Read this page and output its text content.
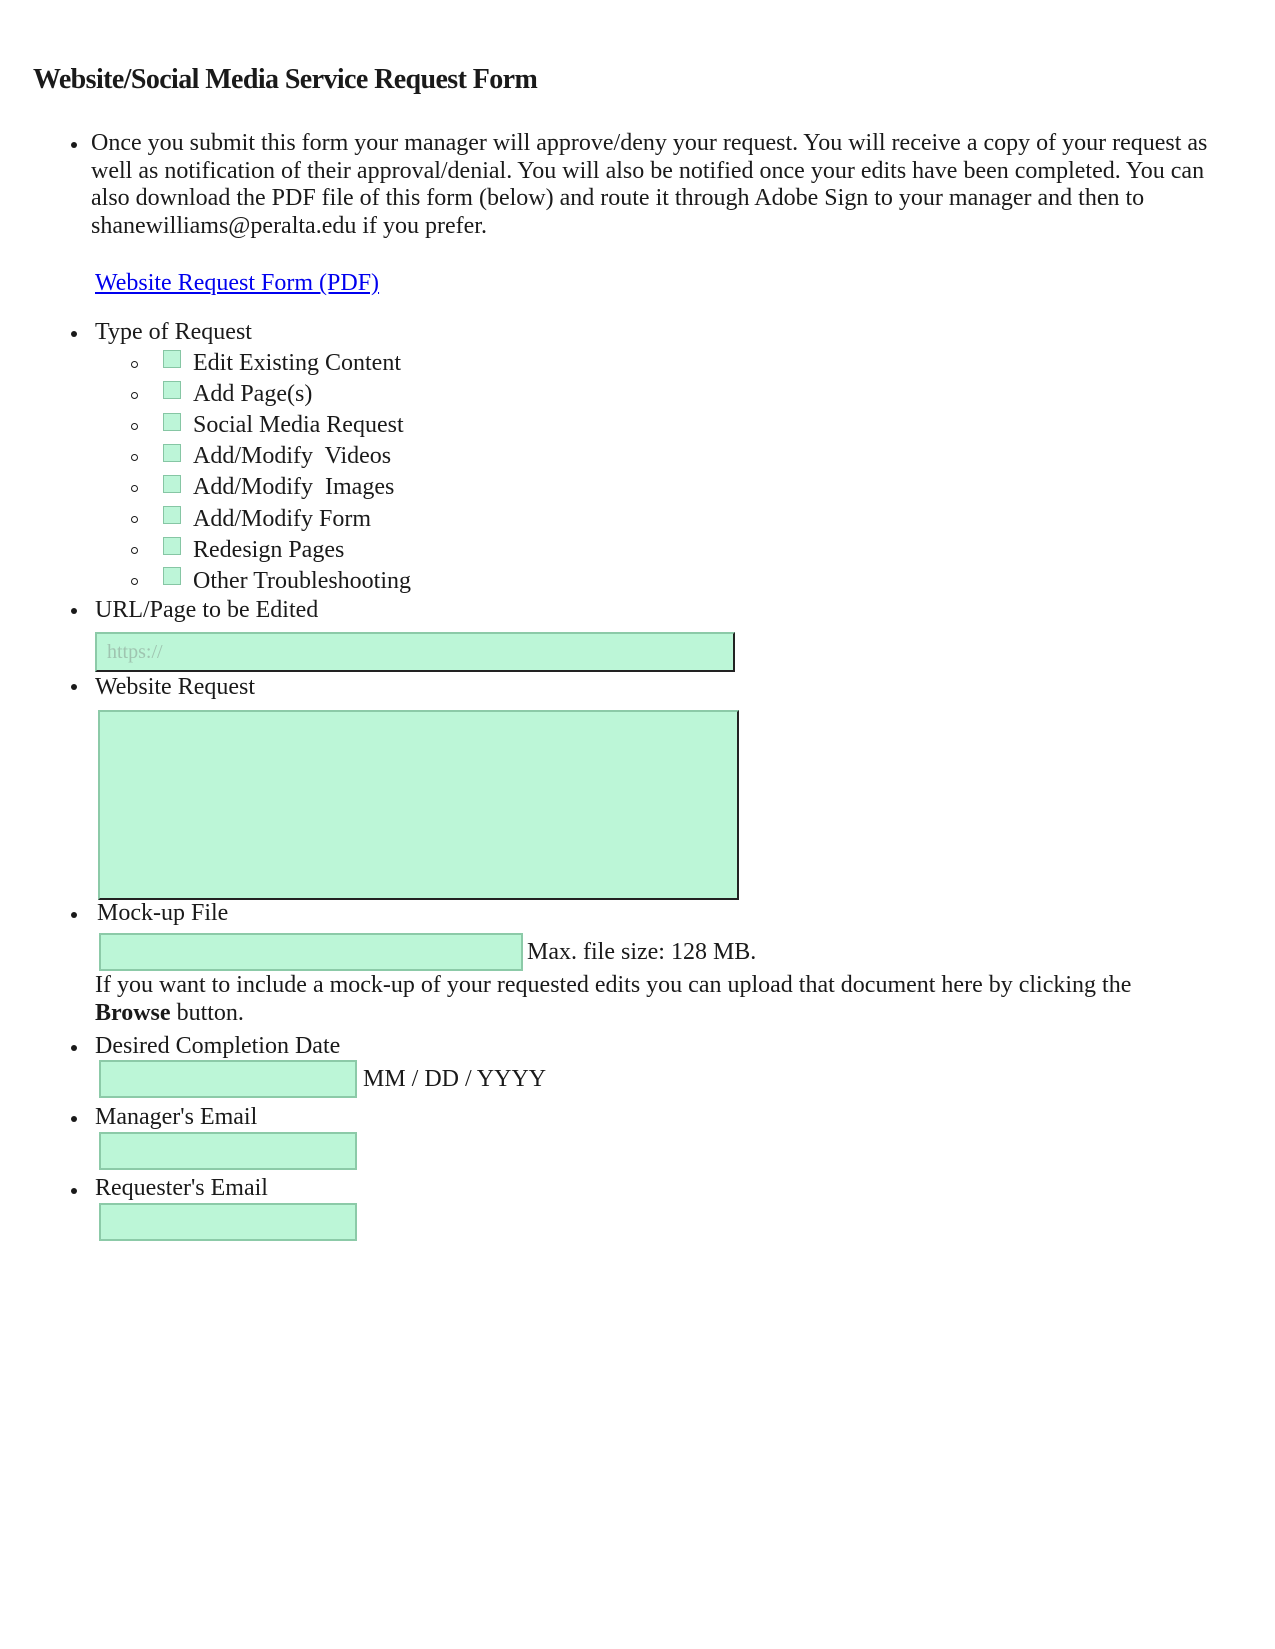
Website/Social Media Service Request Form
Once you submit this form your manager will approve/deny your request. You will receive a copy of your request as well as notification of their approval/denial. You will also be notified once your edits have been completed. You can also download the PDF file of this form (below) and route it through Adobe Sign to your manager and then to shanewilliams@peralta.edu if you prefer.
Website Request Form (PDF)
Type of Request
Edit Existing Content
Add Page(s)
Social Media Request
Add/Modify  Videos
Add/Modify  Images
Add/Modify Form
Redesign Pages
Other Troubleshooting
URL/Page to be Edited
https://
Website Request
Mock-up File
Max. file size: 128 MB.
If you want to include a mock-up of your requested edits you can upload that document here by clicking the
Browse button.
Desired Completion Date
MM / DD / YYYY
Manager's Email
Requester's Email
